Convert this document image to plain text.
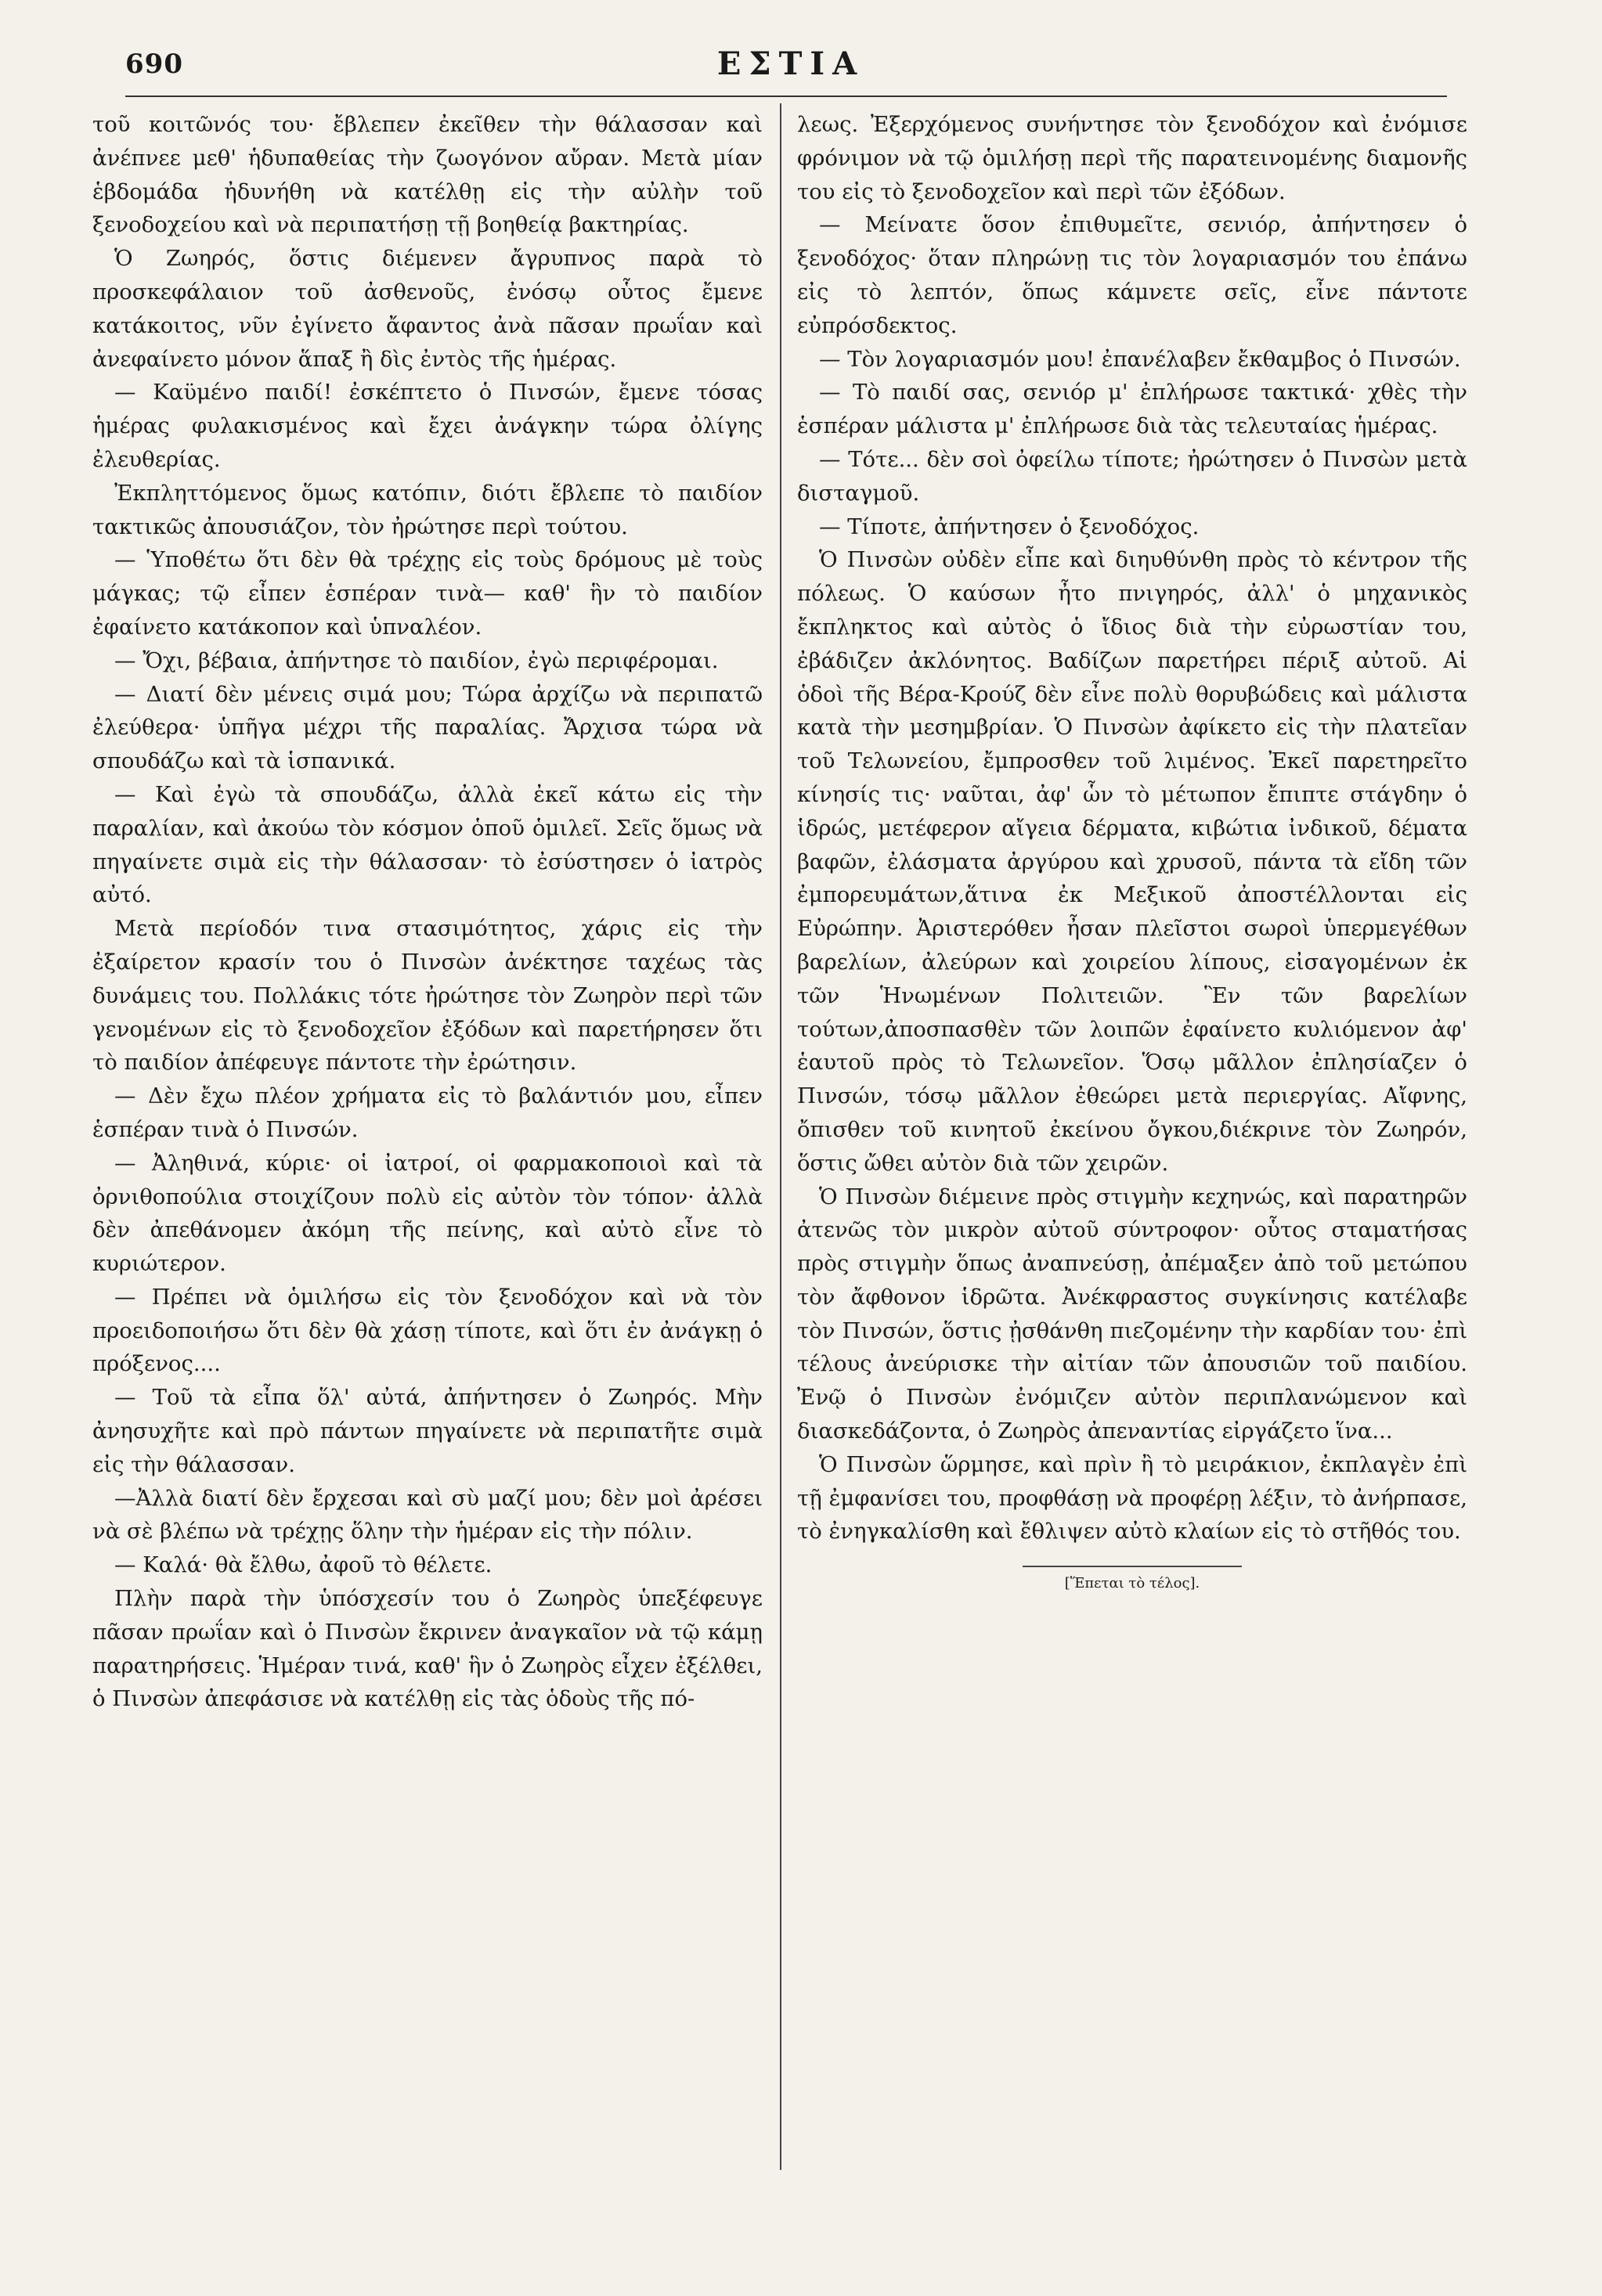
690	ΕΣΤΙΑ

τοῦ κοιτῶνός του· ἔβλεπεν ἐκεῖθεν τὴν θάλασσαν καὶ ἀνέπνεε μεθ' ἡδυπαθείας τὴν ζωογόνον αὔραν. Μετὰ μίαν ἑβδομάδα ἠδυνήθη νὰ κατέλθῃ εἰς τὴν αὐλὴν τοῦ ξενοδοχείου καὶ νὰ περιπατήσῃ τῇ βοηθείᾳ βακτηρίας.

Ὁ Ζωηρός, ὅστις διέμενεν ἄγρυπνος παρὰ τὸ προσκεφάλαιον τοῦ ἀσθενοῦς, ἐνόσῳ οὗτος ἔμενε κατάκοιτος, νῦν ἐγίνετο ἄφαντος ἀνὰ πᾶσαν πρωΐαν καὶ ἀνεφαίνετο μόνον ἅπαξ ἢ δὶς ἐντὸς τῆς ἡμέρας.

— Καϋμένο παιδί! ἐσκέπτετο ὁ Πινσών, ἔμενε τόσας ἡμέρας φυλακισμένος καὶ ἔχει ἀνάγκην τώρα ὀλίγης ἐλευθερίας.

Ἐκπληττόμενος ὅμως κατόπιν, διότι ἔβλεπε τὸ παιδίον τακτικῶς ἀπουσιάζον, τὸν ἠρώτησε περὶ τούτου.

— Ὑποθέτω ὅτι δὲν θὰ τρέχῃς εἰς τοὺς δρόμους μὲ τοὺς μάγκας; τῷ εἶπεν ἑσπέραν τινὰ— καθ' ἣν τὸ παιδίον ἐφαίνετο κατάκοπον καὶ ὑπναλέον.

— Ὄχι, βέβαια, ἀπήντησε τὸ παιδίον, ἐγὼ περιφέρομαι.

— Διατί δὲν μένεις σιμά μου; Τώρα ἀρχίζω νὰ περιπατῶ ἐλεύθερα· ὑπῆγα μέχρι τῆς παραλίας. Ἄρχισα τώρα νὰ σπουδάζω καὶ τὰ ἱσπανικά.

— Καὶ ἐγὼ τὰ σπουδάζω, ἀλλὰ ἐκεῖ κάτω εἰς τὴν παραλίαν, καὶ ἀκούω τὸν κόσμον ὁποῦ ὁμιλεῖ. Σεῖς ὅμως νὰ πηγαίνετε σιμὰ εἰς τὴν θάλασσαν· τὸ ἐσύστησεν ὁ ἰατρὸς αὐτό.

Μετὰ περίοδόν τινα στασιμότητος, χάρις εἰς τὴν ἐξαίρετον κρασίν του ὁ Πινσὼν ἀνέκτησε ταχέως τὰς δυνάμεις του. Πολλάκις τότε ἠρώτησε τὸν Ζωηρὸν περὶ τῶν γενομένων εἰς τὸ ξενοδοχεῖον ἐξόδων καὶ παρετήρησεν ὅτι τὸ παιδίον ἀπέφευγε πάντοτε τὴν ἐρώτησιν.

— Δὲν ἔχω πλέον χρήματα εἰς τὸ βαλάντιόν μου, εἶπεν ἑσπέραν τινὰ ὁ Πινσών.

— Ἀληθινά, κύριε· οἱ ἰατροί, οἱ φαρμακοποιοὶ καὶ τὰ ὀρνιθοπούλια στοιχίζουν πολὺ εἰς αὐτὸν τὸν τόπον· ἀλλὰ δὲν ἀπεθάνομεν ἀκόμη τῆς πείνης, καὶ αὐτὸ εἶνε τὸ κυριώτερον.

— Πρέπει νὰ ὁμιλήσω εἰς τὸν ξενοδόχον καὶ νὰ τὸν προειδοποιήσω ὅτι δὲν θὰ χάσῃ τίποτε, καὶ ὅτι ἐν ἀνάγκῃ ὁ πρόξενος....

— Τοῦ τὰ εἶπα ὅλ' αὐτά, ἀπήντησεν ὁ Ζωηρός. Μὴν ἀνησυχῆτε καὶ πρὸ πάντων πηγαίνετε νὰ περιπατῆτε σιμὰ εἰς τὴν θάλασσαν.

—Ἀλλὰ διατί δὲν ἔρχεσαι καὶ σὺ μαζί μου; δὲν μοὶ ἀρέσει νὰ σὲ βλέπω νὰ τρέχῃς ὅλην τὴν ἡμέραν εἰς τὴν πόλιν.

— Καλά· θὰ ἔλθω, ἀφοῦ τὸ θέλετε.

Πλὴν παρὰ τὴν ὑπόσχεσίν του ὁ Ζωηρὸς ὑπεξέφευγε πᾶσαν πρωΐαν καὶ ὁ Πινσὼν ἔκρινεν ἀναγκαῖον νὰ τῷ κάμῃ παρατηρήσεις. Ἡμέραν τινά, καθ' ἣν ὁ Ζωηρὸς εἶχεν ἐξέλθει, ὁ Πινσὼν ἀπεφάσισε νὰ κατέλθῃ εἰς τὰς ὁδοὺς τῆς πό-

λεως. Ἐξερχόμενος συνήντησε τὸν ξενοδόχον καὶ ἐνόμισε φρόνιμον νὰ τῷ ὁμιλήσῃ περὶ τῆς παρατεινομένης διαμονῆς του εἰς τὸ ξενοδοχεῖον καὶ περὶ τῶν ἐξόδων.

— Μείνατε ὅσον ἐπιθυμεῖτε, σενιόρ, ἀπήντησεν ὁ ξενοδόχος· ὅταν πληρώνῃ τις τὸν λογαριασμόν του ἐπάνω εἰς τὸ λεπτόν, ὅπως κάμνετε σεῖς, εἶνε πάντοτε εὐπρόσδεκτος.

— Τὸν λογαριασμόν μου! ἐπανέλαβεν ἔκθαμβος ὁ Πινσών.

— Τὸ παιδί σας, σενιόρ μ' ἐπλήρωσε τακτικά· χθὲς τὴν ἑσπέραν μάλιστα μ' ἐπλήρωσε διὰ τὰς τελευταίας ἡμέρας.

— Τότε... δὲν σοὶ ὀφείλω τίποτε; ἠρώτησεν ὁ Πινσὼν μετὰ δισταγμοῦ.

— Τίποτε, ἀπήντησεν ὁ ξενοδόχος.

Ὁ Πινσὼν οὐδὲν εἶπε καὶ διηυθύνθη πρὸς τὸ κέντρον τῆς πόλεως. Ὁ καύσων ἦτο πνιγηρός, ἀλλ' ὁ μηχανικὸς ἔκπληκτος καὶ αὐτὸς ὁ ἴδιος διὰ τὴν εὐρωστίαν του, ἐβάδιζεν ἀκλόνητος. Βαδίζων παρετήρει πέριξ αὐτοῦ. Αἱ ὁδοὶ τῆς Βέρα-Κρούζ δὲν εἶνε πολὺ θορυβώδεις καὶ μάλιστα κατὰ τὴν μεσημβρίαν. Ὁ Πινσὼν ἀφίκετο εἰς τὴν πλατεῖαν τοῦ Τελωνείου, ἔμπροσθεν τοῦ λιμένος. Ἐκεῖ παρετηρεῖτο κίνησίς τις· ναῦται, ἀφ' ὧν τὸ μέτωπον ἔπιπτε στάγδην ὁ ἱδρώς, μετέφερον αἴγεια δέρματα, κιβώτια ἰνδικοῦ, δέματα βαφῶν, ἐλάσματα ἀργύρου καὶ χρυσοῦ, πάντα τὰ εἴδη τῶν ἐμπορευμάτων,ἅτινα ἐκ Μεξικοῦ ἀποστέλλονται εἰς Εὐρώπην. Ἀριστερόθεν ἦσαν πλεῖστοι σωροὶ ὑπερμεγέθων βαρελίων, ἀλεύρων καὶ χοιρείου λίπους, εἰσαγομένων ἐκ τῶν Ἡνωμένων Πολιτειῶν. Ἓν τῶν βαρελίων τούτων,ἀποσπασθὲν τῶν λοιπῶν ἐφαίνετο κυλιόμενον ἀφ' ἑαυτοῦ πρὸς τὸ Τελωνεῖον. Ὅσῳ μᾶλλον ἐπλησίαζεν ὁ Πινσών, τόσῳ μᾶλλον ἐθεώρει μετὰ περιεργίας. Αἴφνης, ὄπισθεν τοῦ κινητοῦ ἐκείνου ὄγκου,διέκρινε τὸν Ζωηρόν, ὅστις ὤθει αὐτὸν διὰ τῶν χειρῶν.

Ὁ Πινσὼν διέμεινε πρὸς στιγμὴν κεχηνώς, καὶ παρατηρῶν ἀτενῶς τὸν μικρὸν αὐτοῦ σύντροφον· οὗτος σταματήσας πρὸς στιγμὴν ὅπως ἀναπνεύσῃ, ἀπέμαξεν ἀπὸ τοῦ μετώπου τὸν ἄφθονον ἱδρῶτα. Ἀνέκφραστος συγκίνησις κατέλαβε τὸν Πινσών, ὅστις ᾐσθάνθη πιεζομένην τὴν καρδίαν του· ἐπὶ τέλους ἀνεύρισκε τὴν αἰτίαν τῶν ἀπουσιῶν τοῦ παιδίου. Ἐνῷ ὁ Πινσὼν ἐνόμιζεν αὐτὸν περιπλανώμενον καὶ διασκεδάζοντα, ὁ Ζωηρὸς ἀπεναντίας εἰργάζετο ἵνα...

Ὁ Πινσὼν ὥρμησε, καὶ πρὶν ἢ τὸ μειράκιον, ἐκπλαγὲν ἐπὶ τῇ ἐμφανίσει του, προφθάσῃ νὰ προφέρῃ λέξιν, τὸ ἀνήρπασε, τὸ ἐνηγκαλίσθη καὶ ἔθλιψεν αὐτὸ κλαίων εἰς τὸ στῆθός του.

[Ἕπεται τὸ τέλος].
